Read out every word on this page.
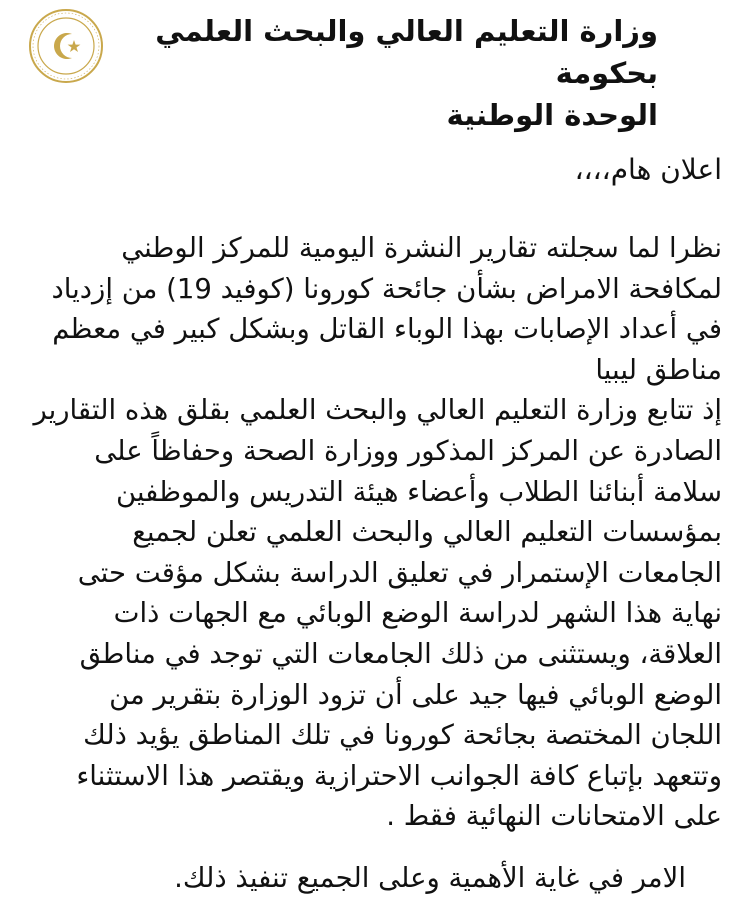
وزارة التعليم العالي والبحث العلمي بحكومة
الوحدة الوطنية
اعلان هام،،،،

نظرا لما سجلته تقارير النشرة اليومية للمركز الوطني لمكافحة الامراض بشأن جائحة كورونا (كوفيد 19) من إزدياد في أعداد الإصابات بهذا الوباء القاتل وبشكل كبير في معظم مناطق ليبيا

إذ تتابع وزارة التعليم العالي والبحث العلمي بقلق هذه التقارير الصادرة عن المركز المذكور ووزارة الصحة وحفاظاً على سلامة أبنائنا الطلاب وأعضاء هيئة التدريس والموظفين بمؤسسات التعليم العالي والبحث العلمي تعلن لجميع الجامعات الإستمرار في تعليق الدراسة بشكل مؤقت حتى نهاية هذا الشهر لدراسة الوضع الوبائي مع الجهات ذات العلاقة، ويستثنى من ذلك الجامعات التي توجد في مناطق الوضع الوبائي فيها جيد على أن تزود الوزارة بتقرير من اللجان المختصة بجائحة كورونا في تلك المناطق يؤيد ذلك وتتعهد بإتباع كافة الجوانب الاحترازية ويقتصر هذا الاستثناء على الامتحانات النهائية فقط .

الامر في غاية الأهمية وعلى الجميع تنفيذ ذلك.
